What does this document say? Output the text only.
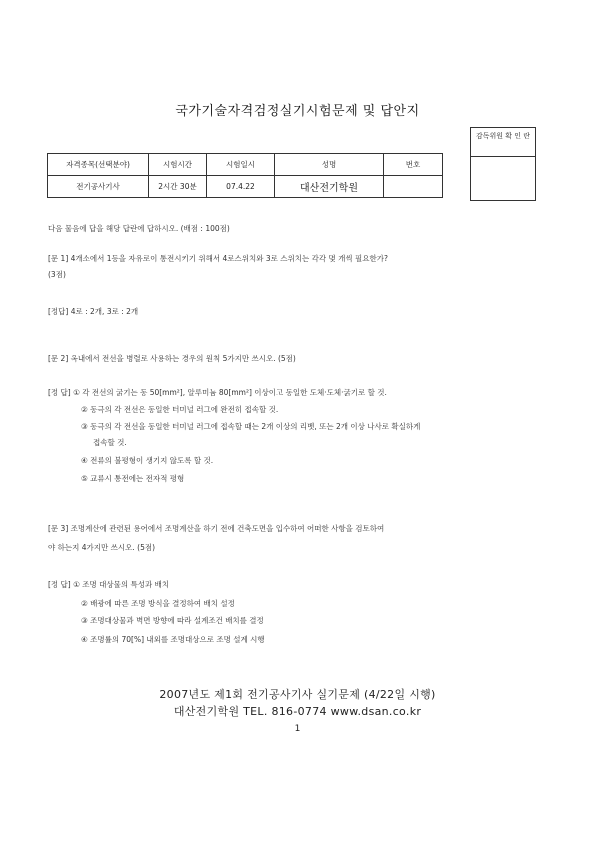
국가기술자격검정실기시험문제 및 답안지
감독위원 확 인 란
자격종목(선택분야)	시험시간	시험일시	성명	번호
전기공사기사	2시간 30분	07.4.22	대산전기학원	
다음 물음에 답을 해당 답란에 답하시오. (배점 : 100점)
[문 1] 4개소에서 1등을 자유로이 통전시키기 위해서 4로스위치와 3로 스위치는 각각 몇 개씩 필요한가?
(3점)
[정답] 4로 : 2개, 3로 : 2개
[문 2] 옥내에서 전선을 병렬로 사용하는 경우의 원칙 5가지만 쓰시오. (5점)
[정 답] ① 각 전선의 굵기는 동 50[mm²], 알루미늄 80[mm²] 이상이고 동일한 도체·도체·굵기로 할 것.
② 동극의 각 전선은 동일한 터미널 러그에 완전히 접속할 것.
③ 동극의 각 전선을 동일한 터미널 러그에 접속할 때는 2개 이상의 리벳, 또는 2개 이상 나사로 확실하게
접속할 것.
④ 전류의 불평형이 생기지 않도록 할 것.
⑤ 교류시 통전에는 전자적 평형
[문 3] 조명계산에 관련된 용어에서 조명계산을 하기 전에 건축도면을 입수하여 어떠한 사항을 검토하여
야 하는지 4가지만 쓰시오. (5점)
[정 답] ① 조명 대상물의 특성과 배치
② 배광에 따른 조명 방식을 결정하여 배치 설정
③ 조명대상물과 벽면 방향에 따라 설계조건 배치를 결정
④ 조명률의 70[%] 내외를 조명대상으로 조명 설계 시행
2007년도 제1회 전기공사기사 실기문제 (4/22일 시행)
대산전기학원 TEL. 816-0774 www.dsan.co.kr
1
